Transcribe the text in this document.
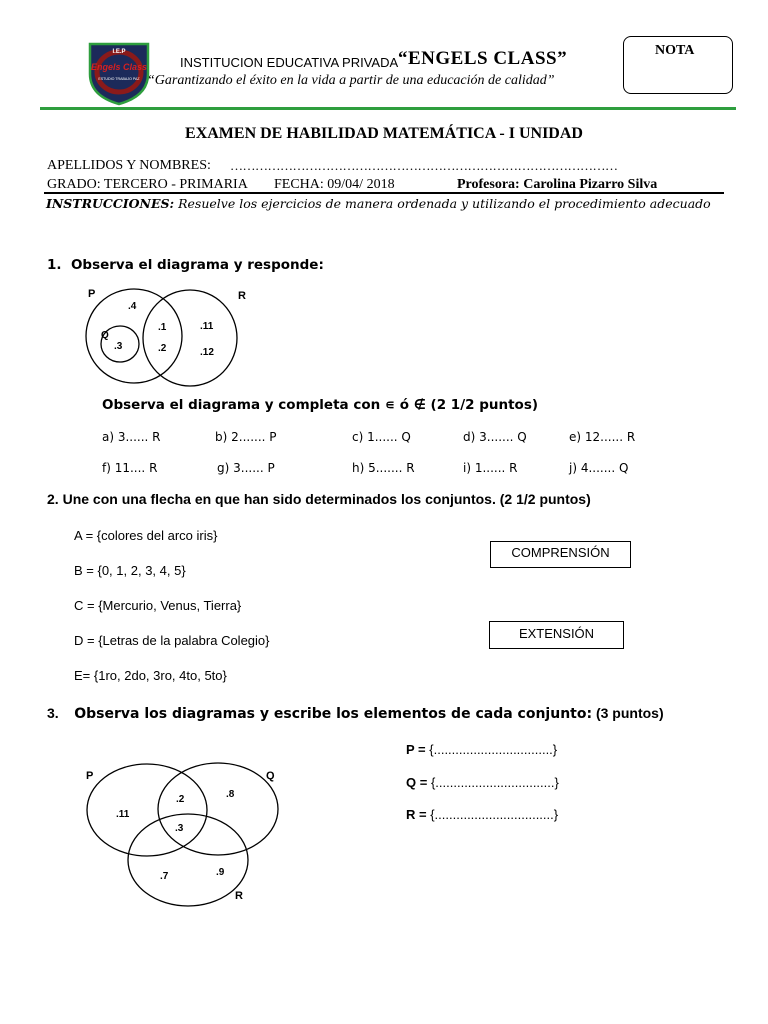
I.E.P
Engels Class
ESTUDIO TRABAJO PAZ
INSTITUCION EDUCATIVA PRIVADA “ENGELS CLASS”
“Garantizando el éxito en la vida a partir de una educación de calidad”
NOTA
EXAMEN DE HABILIDAD MATEMÁTICA - I UNIDAD
APELLIDOS Y NOMBRES: …………………………………………………………………………………
GRADO: TERCERO - PRIMARIA FECHA: 09/04/ 2018	Profesora: Carolina Pizarro Silva
INSTRUCCIONES: Resuelve los ejercicios de manera ordenada y utilizando el procedimiento adecuado
1. Observa el diagrama y responde:
P	R
Q
.4
.1	.11
.3	.2	.12
Observa el diagrama y completa con ∊ ó ∉ (2 1/2 puntos)
a) 3...... R	b) 2....... P	c) 1...... Q	d) 3....... Q	e) 12...... R
f) 11.... R	g) 3...... P	h) 5....... R	i) 1...... R	j) 4....... Q
2. Une con una flecha en que han sido determinados los conjuntos. (2 1/2 puntos)
A = {colores del arco iris}
B = {0, 1, 2, 3, 4, 5}
C = {Mercurio, Venus, Tierra}
D = {Letras de la palabra Colegio}
E= {1ro, 2do, 3ro, 4to, 5to}
COMPRENSIÓN
EXTENSIÓN
3. Observa los diagramas y escribe los elementos de cada conjunto: (3 puntos)
P	Q
R
.2	.8
.11
.3
.7	.9
P = {.................................}
Q = {.................................}
R = {.................................}
